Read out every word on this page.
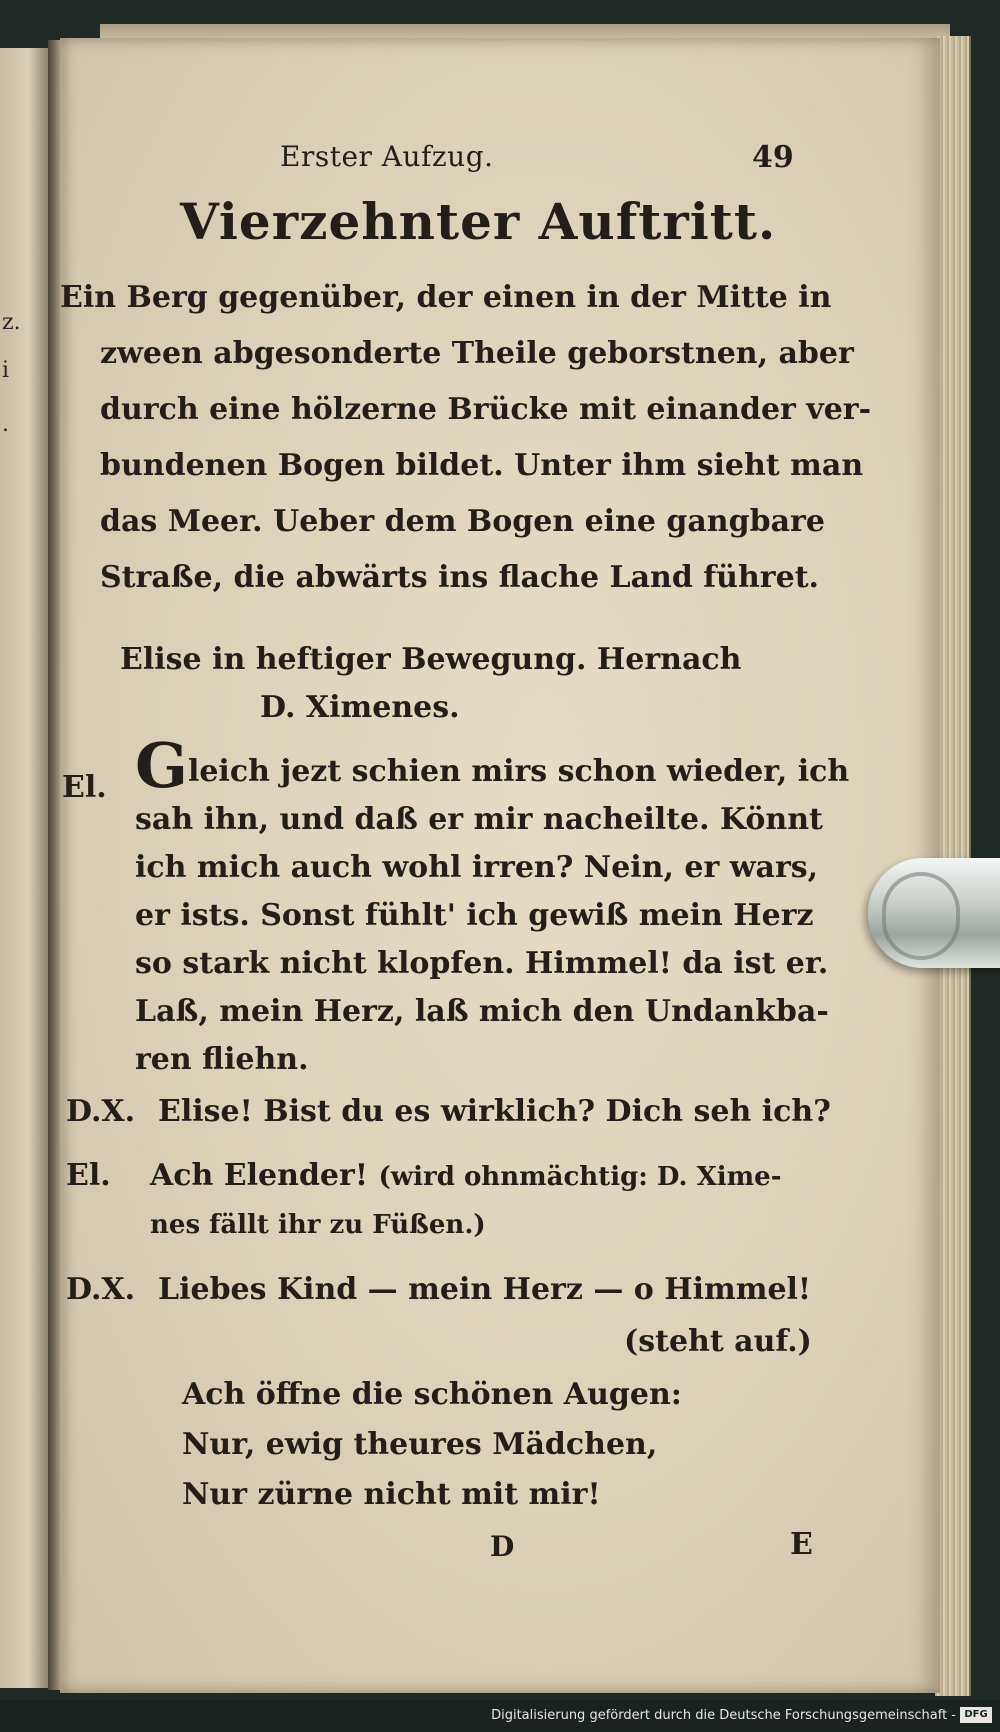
z.
i
.
Erster Aufzug.	49
Vierzehnter Auftritt.
Ein Berg gegenüber, der einen in der Mitte in
zween abgesonderte Theile geborstnen, aber
durch eine hölzerne Brücke mit einander ver-
bundenen Bogen bildet. Unter ihm sieht man
das Meer. Ueber dem Bogen eine gangbare
Straße, die abwärts ins flache Land führet.
Elise in heftiger Bewegung. Hernach
D. Ximenes.
El. Gleich jezt schien mirs schon wieder, ich
sah ihn, und daß er mir nacheilte. Könnt
ich mich auch wohl irren? Nein, er wars,
er ists. Sonst fühlt' ich gewiß mein Herz
so stark nicht klopfen. Himmel! da ist er.
Laß, mein Herz, laß mich den Undankba-
ren fliehn.
D.X. Elise! Bist du es wirklich? Dich seh ich?
El. Ach Elender! (wird ohnmächtig: D. Xime-
nes fällt ihr zu Füßen.)
D.X. Liebes Kind — mein Herz — o Himmel!
(steht auf.)
Ach öffne die schönen Augen:
Nur, ewig theures Mädchen,
Nur zürne nicht mit mir!
D	E
Digitalisierung gefördert durch die Deutsche Forschungsgemeinschaft - DFG
